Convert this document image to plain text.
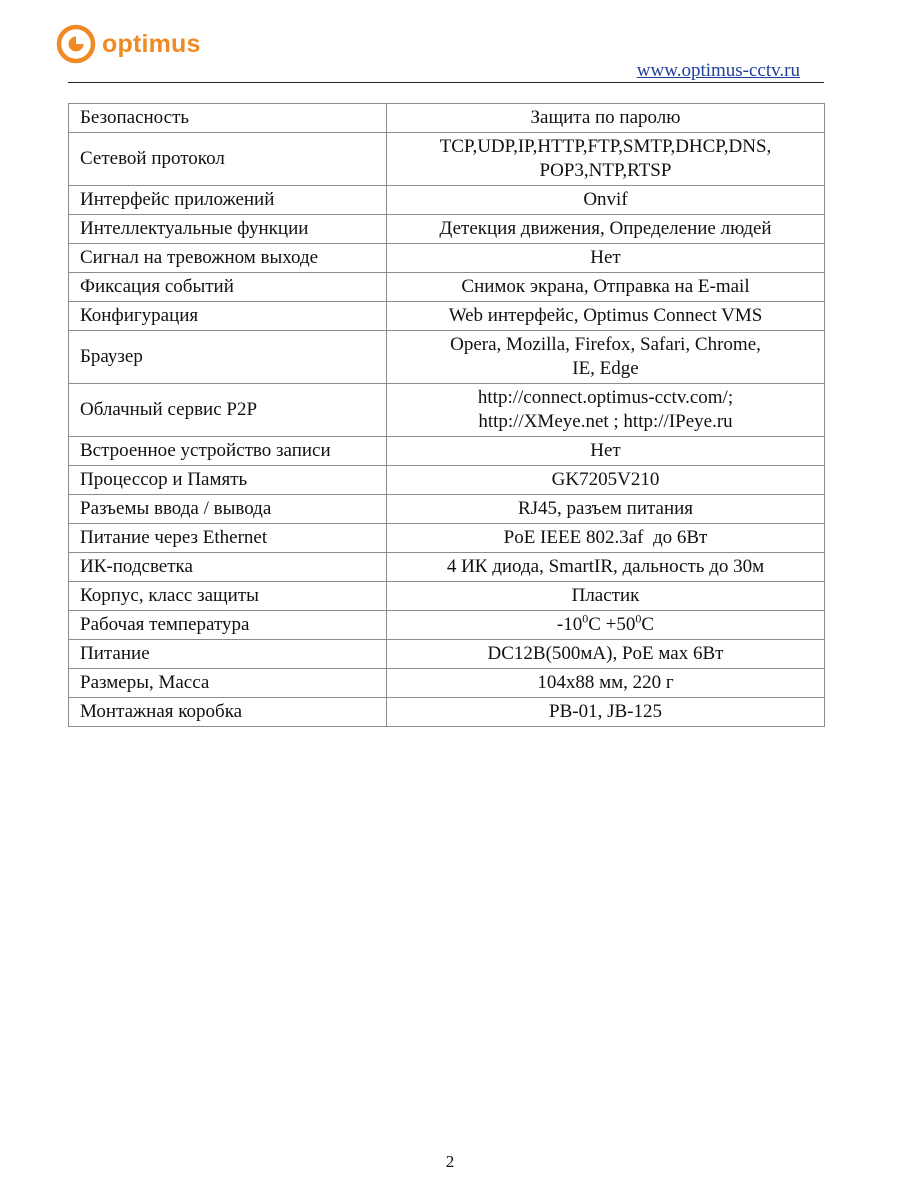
optimus
www.optimus-cctv.ru
Безопасность	Защита по паролю
Сетевой протокол	TCP,UDP,IP,HTTP,FTP,SMTP,DHCP,DNS,
POP3,NTP,RTSP
Интерфейс приложений	Onvif
Интеллектуальные функции	Детекция движения, Определение людей
Сигнал на тревожном выходе	Нет
Фиксация событий	Снимок экрана, Отправка на E-mail
Конфигурация	Web интерфейс, Optimus Connect VMS
Браузер	Opera, Mozilla, Firefox, Safari, Chrome,
IE, Edge
Облачный сервис P2P	http://connect.optimus-cctv.com/;
http://XMeye.net ; http://IPeye.ru
Встроенное устройство записи	Нет
Процессор и Память	GK7205V210
Разъемы ввода / вывода	RJ45, разъем питания
Питание через Ethernet	PoE IEEE 802.3af  до 6Вт
ИК-подсветка	4 ИК диода, SmartIR, дальность до 30м
Корпус, класс защиты	Пластик
Рабочая температура	$-10^0C +50^0C$
Питание	DC12В(500мА), PoE мах 6Вт
Размеры, Масса	104x88 мм, 220 г
Монтажная коробка	PB-01, JB-125
2
